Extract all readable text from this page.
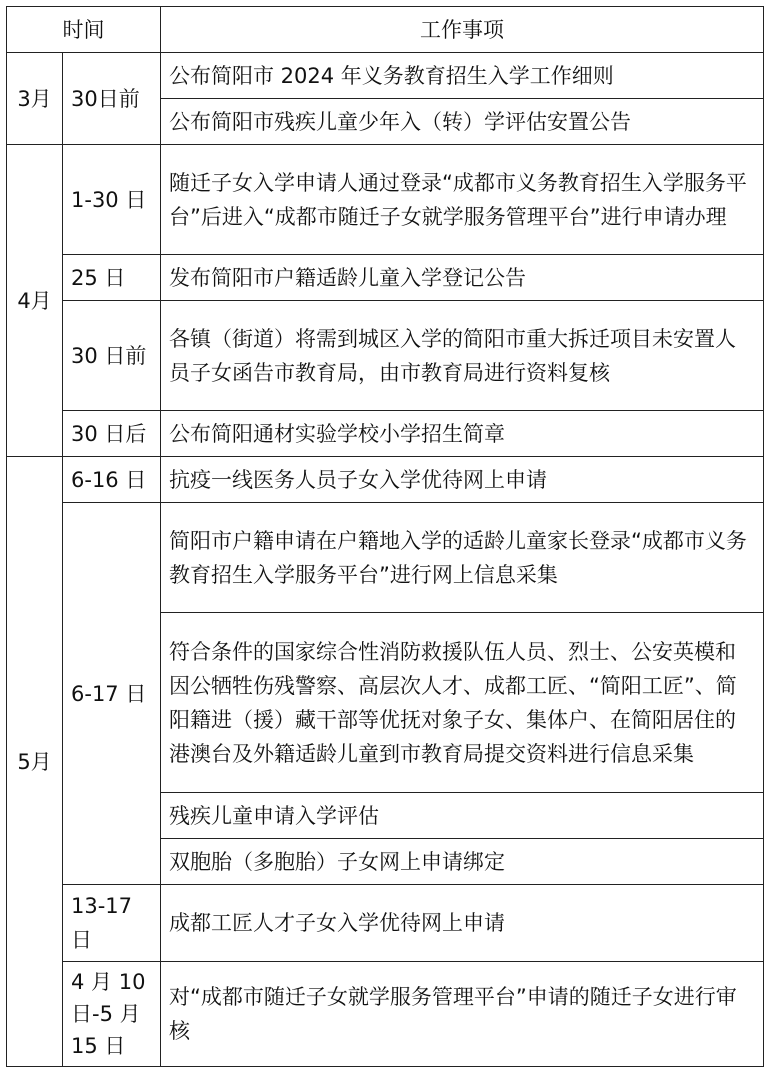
时间		工作事项
3月	30日前	公布简阳市 2024 年义务教育招生入学工作细则
		公布简阳市残疾儿童少年入（转）学评估安置公告
4月	1-30 日	随迁子女入学申请人通过登录“成都市义务教育招生入学服务平台”后进入“成都市随迁子女就学服务管理平台”进行申请办理
	25 日	发布简阳市户籍适龄儿童入学登记公告
	30 日前	各镇（街道）将需到城区入学的简阳市重大拆迁项目未安置人员子女函告市教育局，由市教育局进行资料复核
	30 日后	公布简阳通材实验学校小学招生简章
5月	6-16 日	抗疫一线医务人员子女入学优待网上申请
	6-17 日	简阳市户籍申请在户籍地入学的适龄儿童家长登录“成都市义务教育招生入学服务平台”进行网上信息采集
		符合条件的国家综合性消防救援队伍人员、烈士、公安英模和因公牺牲伤残警察、高层次人才、成都工匠、“简阳工匠”、简阳籍进（援）藏干部等优抚对象子女、集体户、在简阳居住的港澳台及外籍适龄儿童到市教育局提交资料进行信息采集
		残疾儿童申请入学评估
		双胞胎（多胞胎）子女网上申请绑定
	13-17 日	成都工匠人才子女入学优待网上申请
	4 月 10 日-5 月 15 日	对“成都市随迁子女就学服务管理平台”申请的随迁子女进行审核
